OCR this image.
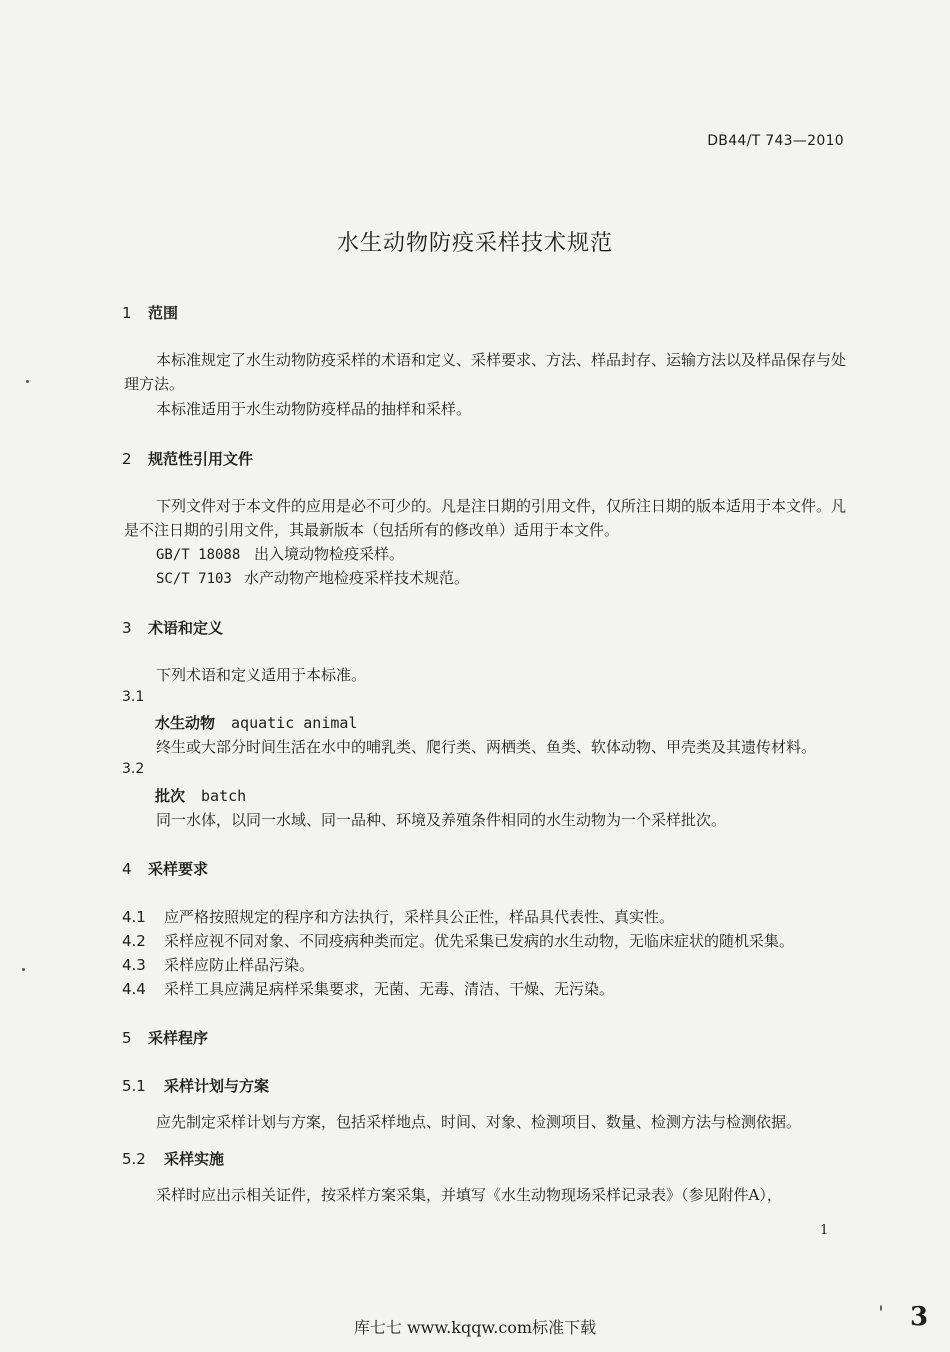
DB44/T 743—2010
水生动物防疫采样技术规范
1 范围
本标准规定了水生动物防疫采样的术语和定义、采样要求、方法、样品封存、运输方法以及样品保存与处理方法。
本标准适用于水生动物防疫样品的抽样和采样。
2 规范性引用文件
下列文件对于本文件的应用是必不可少的。凡是注日期的引用文件，仅所注日期的版本适用于本文件。凡是不注日期的引用文件，其最新版本（包括所有的修改单）适用于本文件。
GB/T 18088 出入境动物检疫采样。
SC/T 7103 水产动物产地检疫采样技术规范。
3 术语和定义
下列术语和定义适用于本标准。
3.1
水生动物 aquatic animal
终生或大部分时间生活在水中的哺乳类、爬行类、两栖类、鱼类、软体动物、甲壳类及其遗传材料。
3.2
批次 batch
同一水体，以同一水域、同一品种、环境及养殖条件相同的水生动物为一个采样批次。
4 采样要求
4.1 应严格按照规定的程序和方法执行，采样具公正性，样品具代表性、真实性。
4.2 采样应视不同对象、不同疫病种类而定。优先采集已发病的水生动物，无临床症状的随机采集。
4.3 采样应防止样品污染。
4.4 采样工具应满足病样采集要求，无菌、无毒、清洁、干燥、无污染。
5 采样程序
5.1 采样计划与方案
应先制定采样计划与方案，包括采样地点、时间、对象、检测项目、数量、检测方法与检测依据。
5.2 采样实施
采样时应出示相关证件，按采样方案采集，并填写《水生动物现场采样记录表》（参见附件A），
1
库七七 www.kqqw.com标准下载	3
